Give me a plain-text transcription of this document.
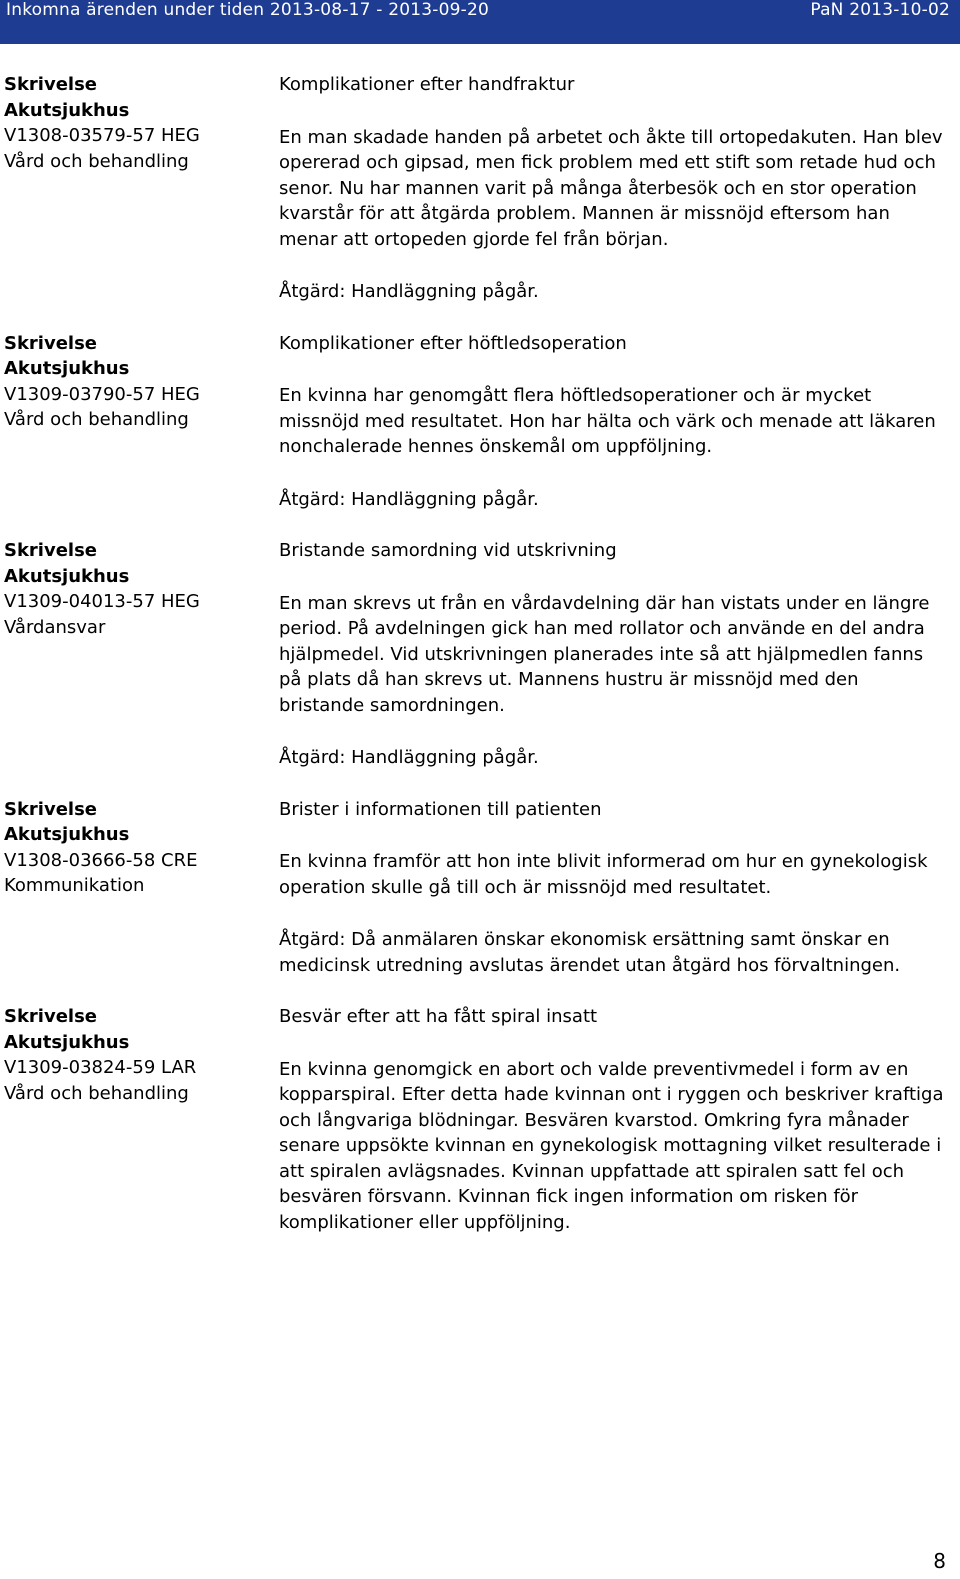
Inkomna ärenden under tiden 2013-08-17 - 2013-09-20	PaN 2013-10-02
Skrivelse
Akutsjukhus
V1308-03579-57 HEG
Vård och behandling

Komplikationer efter handfraktur

En man skadade handen på arbetet och åkte till ortopedakuten. Han blev opererad och gipsad, men fick problem med ett stift som retade hud och senor. Nu har mannen varit på många återbesök och en stor operation kvarstår för att åtgärda problem. Mannen är missnöjd eftersom han menar att ortopeden gjorde fel från början.

Åtgärd: Handläggning pågår.

Skrivelse
Akutsjukhus
V1309-03790-57 HEG
Vård och behandling

Komplikationer efter höftledsoperation

En kvinna har genomgått flera höftledsoperationer och är mycket missnöjd med resultatet. Hon har hälta och värk och menade att läkaren nonchalerade hennes önskemål om uppföljning.

Åtgärd: Handläggning pågår.

Skrivelse
Akutsjukhus
V1309-04013-57 HEG
Vårdansvar

Bristande samordning vid utskrivning

En man skrevs ut från en vårdavdelning där han vistats under en längre period. På avdelningen gick han med rollator och använde en del andra hjälpmedel. Vid utskrivningen planerades inte så att hjälpmedlen fanns på plats då han skrevs ut. Mannens hustru är missnöjd med den bristande samordningen.

Åtgärd: Handläggning pågår.

Skrivelse
Akutsjukhus
V1308-03666-58 CRE
Kommunikation

Brister i informationen till patienten

En kvinna framför att hon inte blivit informerad om hur en gynekologisk operation skulle gå till och är missnöjd med resultatet.

Åtgärd: Då anmälaren önskar ekonomisk ersättning samt önskar en medicinsk utredning avslutas ärendet utan åtgärd hos förvaltningen.

Skrivelse
Akutsjukhus
V1309-03824-59 LAR
Vård och behandling

Besvär efter att ha fått spiral insatt

En kvinna genomgick en abort och valde preventivmedel i form av en kopparspiral. Efter detta hade kvinnan ont i ryggen och beskriver kraftiga och långvariga blödningar. Besvären kvarstod. Omkring fyra månader senare uppsökte kvinnan en gynekologisk mottagning vilket resulterade i att spiralen avlägsnades. Kvinnan uppfattade att spiralen satt fel och besvären försvann. Kvinnan fick ingen information om risken för komplikationer eller uppföljning.

8
